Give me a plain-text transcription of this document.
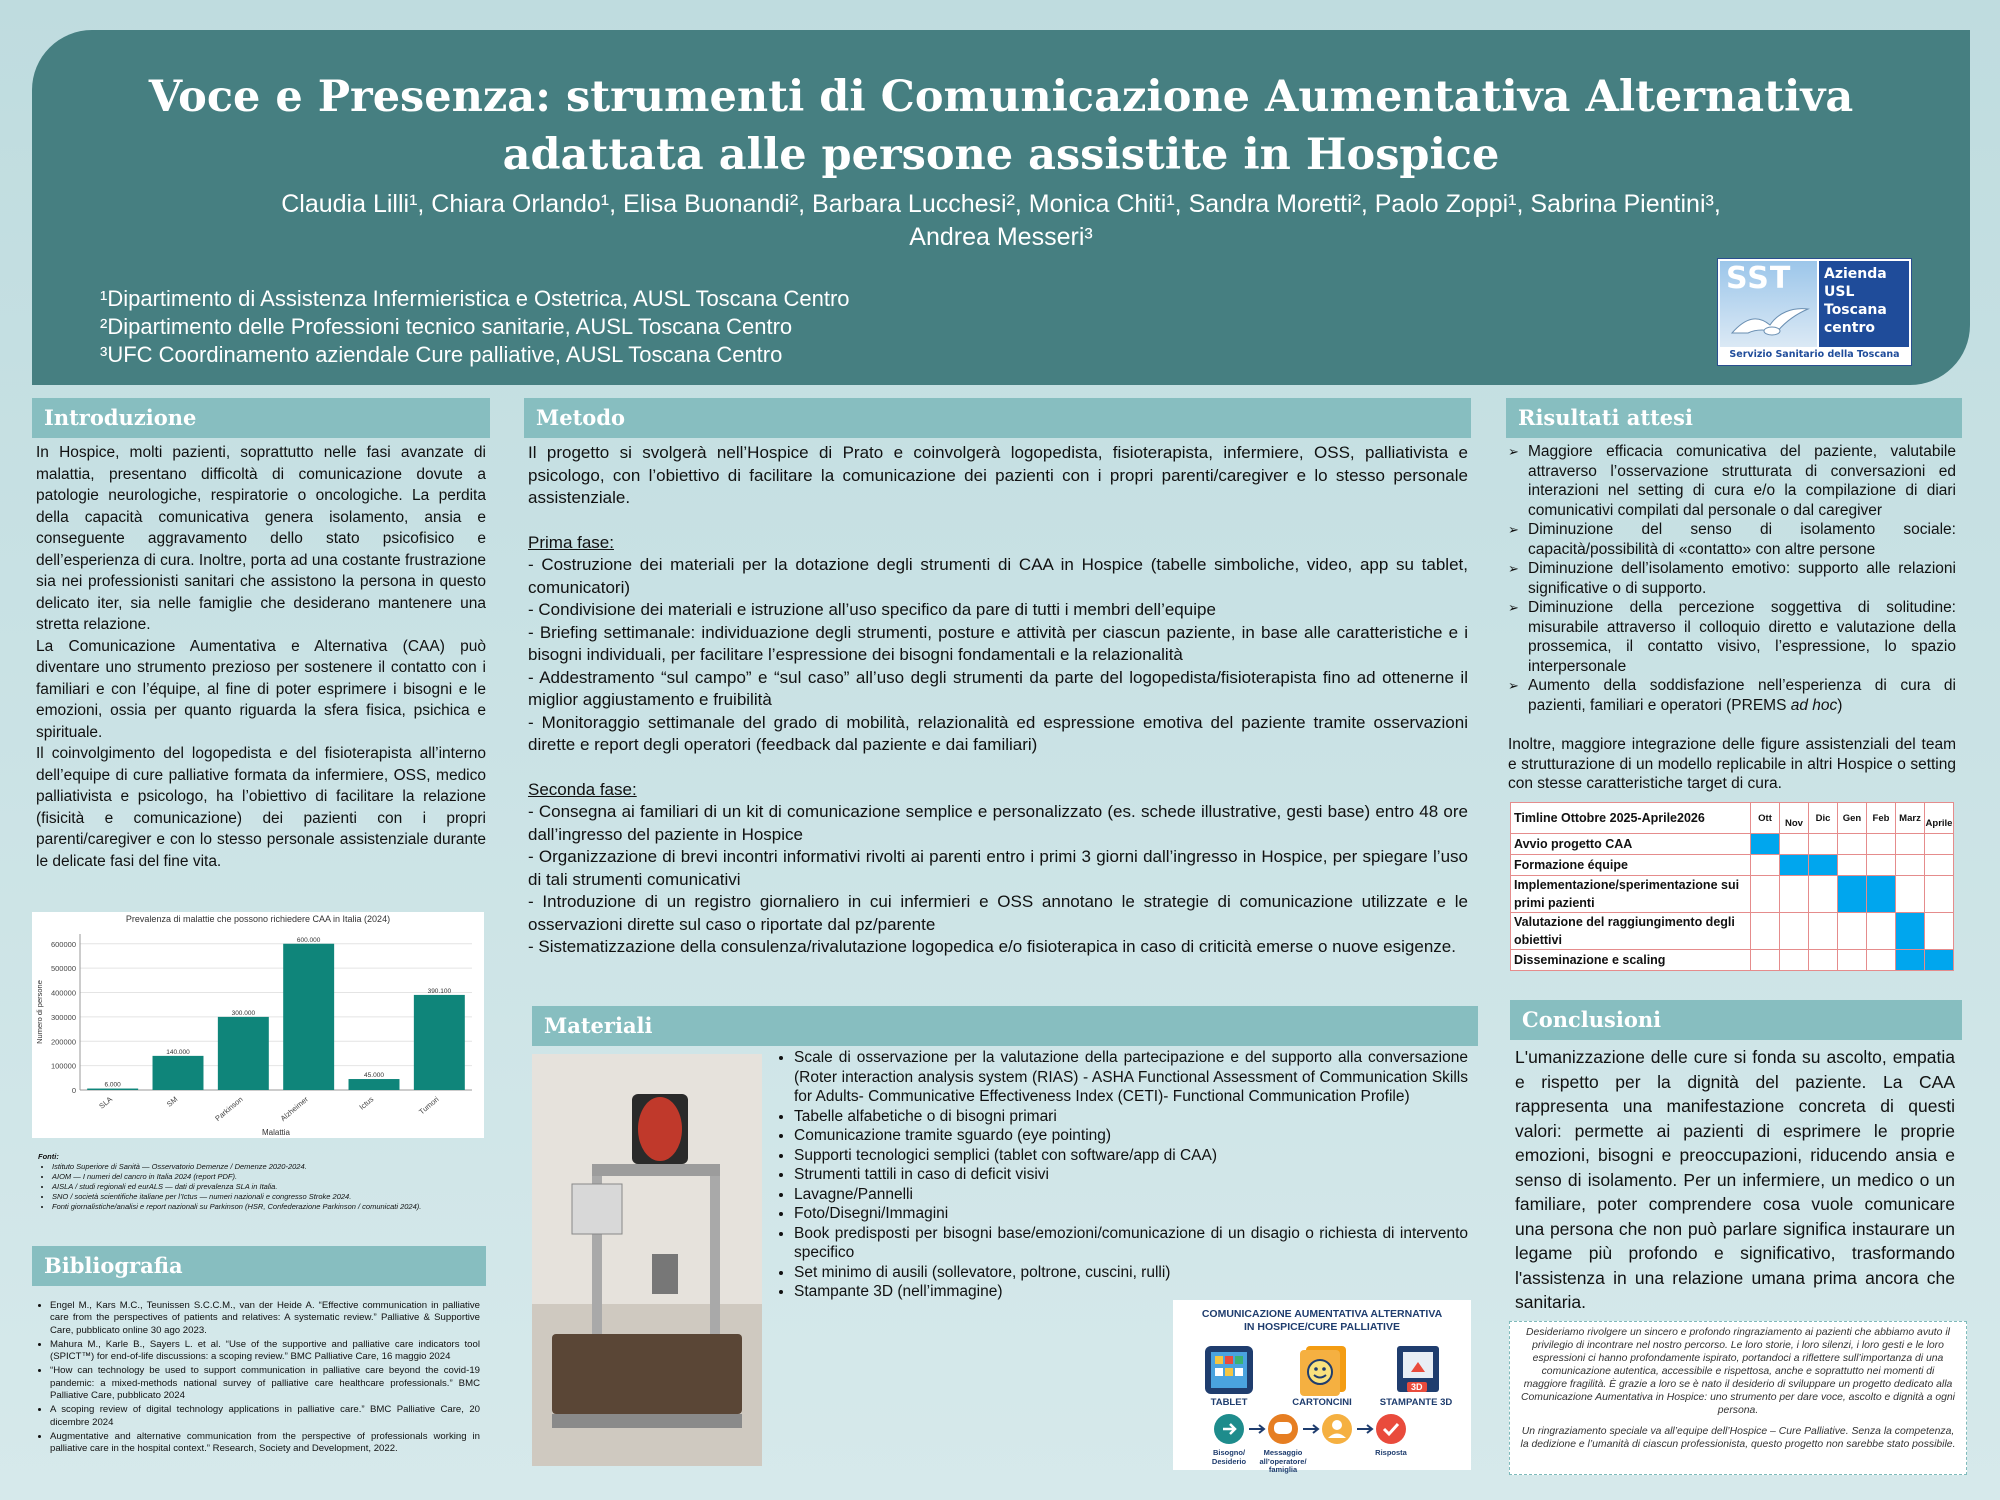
Voce e Presenza: strumenti di Comunicazione Aumentativa Alternativa
adattata alle persone assistite in Hospice
Claudia Lilli¹, Chiara Orlando¹, Elisa Buonandi², Barbara Lucchesi², Monica Chiti¹, Sandra Moretti², Paolo Zoppi¹, Sabrina Pientini³,
Andrea Messeri³
¹Dipartimento di Assistenza Infermieristica e Ostetrica, AUSL Toscana Centro
²Dipartimento delle Professioni tecnico sanitarie, AUSL Toscana Centro
³UFC Coordinamento aziendale Cure palliative, AUSL Toscana Centro
SST Azienda
USL
Toscana
centro
Servizio Sanitario della Toscana
Introduzione

In Hospice, molti pazienti, soprattutto nelle fasi avanzate di malattia, presentano difficoltà di comunicazione dovute a patologie neurologiche, respiratorie o oncologiche. La perdita della capacità comunicativa genera isolamento, ansia e conseguente aggravamento dello stato psicofisico e dell’esperienza di cura. Inoltre, porta ad una costante frustrazione sia nei professionisti sanitari che assistono la persona in questo delicato iter, sia nelle famiglie che desiderano mantenere una stretta relazione.

La Comunicazione Aumentativa e Alternativa (CAA) può diventare uno strumento prezioso per sostenere il contatto con i familiari e con l’équipe, al fine di poter esprimere i bisogni e le emozioni, ossia per quanto riguarda la sfera fisica, psichica e spirituale.

Il coinvolgimento del logopedista e del fisioterapista all’interno dell’equipe di cure palliative formata da infermiere, OSS, medico palliativista e psicologo, ha l’obiettivo di facilitare la relazione (fisicità e comunicazione) dei pazienti con i propri parenti/caregiver e con lo stesso personale assistenziale durante le delicate fasi del fine vita.

Prevalenza di malattie che possono richiedere CAA in Italia (2024)
0
100000
200000
300000
400000
500000
600000
6.000
SLA
140.000
SM
300.000
Parkinson
600.000
Alzheimer
45.000
Ictus
390.100
Tumori
Malattia
Numero di persone
Fonti:
• Istituto Superiore di Sanità — Osservatorio Demenze / Demenze 2020-2024.
• AIOM — I numeri del cancro in Italia 2024 (report PDF).
• AISLA / studi regionali ed eurALS — dati di prevalenza SLA in Italia.
• SNO / società scientifiche italiane per l’Ictus — numeri nazionali e congresso Stroke 2024.
• Fonti giornalistiche/analisi e report nazionali su Parkinson (HSR, Confederazione Parkinson / comunicati 2024).
Bibliografia
• Engel M., Kars M.C., Teunissen S.C.C.M., van der Heide A. “Effective communication in palliative care from the perspectives of patients and relatives: A systematic review.” Palliative & Supportive Care, pubblicato online 30 ago 2023.
• Mahura M., Karle B., Sayers L. et al. “Use of the supportive and palliative care indicators tool (SPICT™) for end-of-life discussions: a scoping review.” BMC Palliative Care, 16 maggio 2024
• “How can technology be used to support communication in palliative care beyond the covid-19 pandemic: a mixed-methods national survey of palliative care healthcare professionals.” BMC Palliative Care, pubblicato 2024
• A scoping review of digital technology applications in palliative care.” BMC Palliative Care, 20 dicembre 2024
• Augmentative and alternative communication from the perspective of professionals working in palliative care in the hospital context.” Research, Society and Development, 2022.
Metodo

Il progetto si svolgerà nell’Hospice di Prato e coinvolgerà logopedista, fisioterapista, infermiere, OSS, palliativista e psicologo, con l’obiettivo di facilitare la comunicazione dei pazienti con i propri parenti/caregiver e lo stesso personale assistenziale.

Prima fase:

- Costruzione dei materiali per la dotazione degli strumenti di CAA in Hospice (tabelle simboliche, video, app su tablet, comunicatori)

- Condivisione dei materiali e istruzione all’uso specifico da pare di tutti i membri dell’equipe

- Briefing settimanale: individuazione degli strumenti, posture e attività per ciascun paziente, in base alle caratteristiche e i bisogni individuali, per facilitare l’espressione dei bisogni fondamentali e la relazionalità

- Addestramento “sul campo” e “sul caso” all’uso degli strumenti da parte del logopedista/fisioterapista fino ad ottenerne il miglior aggiustamento e fruibilità

- Monitoraggio settimanale del grado di mobilità, relazionalità ed espressione emotiva del paziente tramite osservazioni dirette e report degli operatori (feedback dal paziente e dai familiari)

Seconda fase:

- Consegna ai familiari di un kit di comunicazione semplice e personalizzato (es. schede illustrative, gesti base) entro 48 ore dall’ingresso del paziente in Hospice

- Organizzazione di brevi incontri informativi rivolti ai parenti entro i primi 3 giorni dall’ingresso in Hospice, per spiegare l’uso di tali strumenti comunicativi

- Introduzione di un registro giornaliero in cui infermieri e OSS annotano le strategie di comunicazione utilizzate e le osservazioni dirette sul caso o riportate dal pz/parente

- Sistematizzazione della consulenza/rivalutazione logopedica e/o fisioterapica in caso di criticità emerse o nuove esigenze.

Materiali
• Scale di osservazione per la valutazione della partecipazione e del supporto alla conversazione (Roter interaction analysis system (RIAS) - ASHA Functional Assessment of Communication Skills for Adults- Communicative Effectiveness Index (CETI)- Functional Communication Profile)
• Tabelle alfabetiche o di bisogni primari
• Comunicazione tramite sguardo (eye pointing)
• Supporti tecnologici semplici (tablet con software/app di CAA)
• Strumenti tattili in caso di deficit visivi
• Lavagne/Pannelli
• Foto/Disegni/Immagini
• Book predisposti per bisogni base/emozioni/comunicazione di un disagio o richiesta di intervento specifico
• Set minimo di ausili (sollevatore, poltrone, cuscini, rulli)
• Stampante 3D (nell’immagine)
COMUNICAZIONE AUMENTATIVA ALTERNATIVA
IN HOSPICE/CURE PALLIATIVE
TABLET	CARTONCINI
3D
STAMPANTE 3D
Bisogno/ Desiderio
Messaggio all’operatore/ famiglia
Risposta
Risultati attesi
➢ Maggiore efficacia comunicativa del paziente, valutabile attraverso l’osservazione strutturata di conversazioni ed interazioni nel setting di cura e/o la compilazione di diari comunicativi compilati dal personale o dal caregiver
➢ Diminuzione del senso di isolamento sociale: capacità/possibilità di «contatto» con altre persone
➢ Diminuzione dell’isolamento emotivo: supporto alle relazioni significative o di supporto.
➢ Diminuzione della percezione soggettiva di solitudine: misurabile attraverso il colloquio diretto e valutazione della prossemica, il contatto visivo, l’espressione, lo spazio interpersonale
➢ Aumento della soddisfazione nell’esperienza di cura di pazienti, familiari e operatori (PREMS ad hoc)

Inoltre, maggiore integrazione delle figure assistenziali del team e strutturazione di un modello replicabile in altri Hospice o setting con stesse caratteristiche target di cura.

Timline Ottobre 2025-Aprile2026	Ott	Nov	Dic	Gen	Feb	Marz	Aprile
Avvio progetto CAA							
Formazione équipe							
Implementazione/sperimentazione sui primi pazienti							
Valutazione del raggiungimento degli obiettivi							
Disseminazione e scaling							
Conclusioni
L'umanizzazione delle cure si fonda su ascolto, empatia e rispetto per la dignità del paziente. La CAA rappresenta una manifestazione concreta di questi valori: permette ai pazienti di esprimere le proprie emozioni, bisogni e preoccupazioni, riducendo ansia e senso di isolamento. Per un infermiere, un medico o un familiare, poter comprendere cosa vuole comunicare una persona che non può parlare significa instaurare un legame più profondo e significativo, trasformando l'assistenza in una relazione umana prima ancora che sanitaria.

Desideriamo rivolgere un sincero e profondo ringraziamento ai pazienti che abbiamo avuto il privilegio di incontrare nel nostro percorso. Le loro storie, i loro silenzi, i loro gesti e le loro espressioni ci hanno profondamente ispirato, portandoci a riflettere sull’importanza di una comunicazione autentica, accessibile e rispettosa, anche e soprattutto nei momenti di maggiore fragilità. È grazie a loro se è nato il desiderio di sviluppare un progetto dedicato alla Comunicazione Aumentativa in Hospice: uno strumento per dare voce, ascolto e dignità a ogni persona.

Un ringraziamento speciale va all’equipe dell’Hospice – Cure Palliative. Senza la competenza, la dedizione e l’umanità di ciascun professionista, questo progetto non sarebbe stato possibile.
